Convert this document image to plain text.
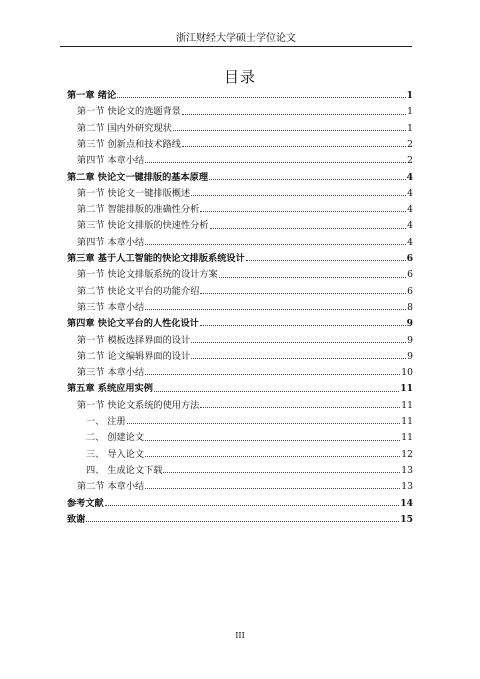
浙江财经大学硕士学位论文
目录
第一章 绪论	1
第一节 快论文的选题背景	1
第二节 国内外研究现状	1
第三节 创新点和技术路线	2
第四节 本章小结	2
第二章 快论文一键排版的基本原理	4
第一节 快论文一键排版概述	4
第二节 智能排版的准确性分析	4
第三节 快论文排版的快速性分析	4
第四节 本章小结	4
第三章 基于人工智能的快论文排版系统设计	6
第一节 快论文排版系统的设计方案	6
第二节 快论文平台的功能介绍	6
第三节 本章小结	8
第四章 快论文平台的人性化设计	9
第一节 模板选择界面的设计	9
第二节 论文编辑界面的设计	9
第三节 本章小结	10
第五章 系统应用实例	11
第一节 快论文系统的使用方法	11
一、 注册	11
二、 创建论文	11
三、 导入论文	12
四、 生成论文下载	13
第二节 本章小结	13
参考文献	14
致谢	15
III
